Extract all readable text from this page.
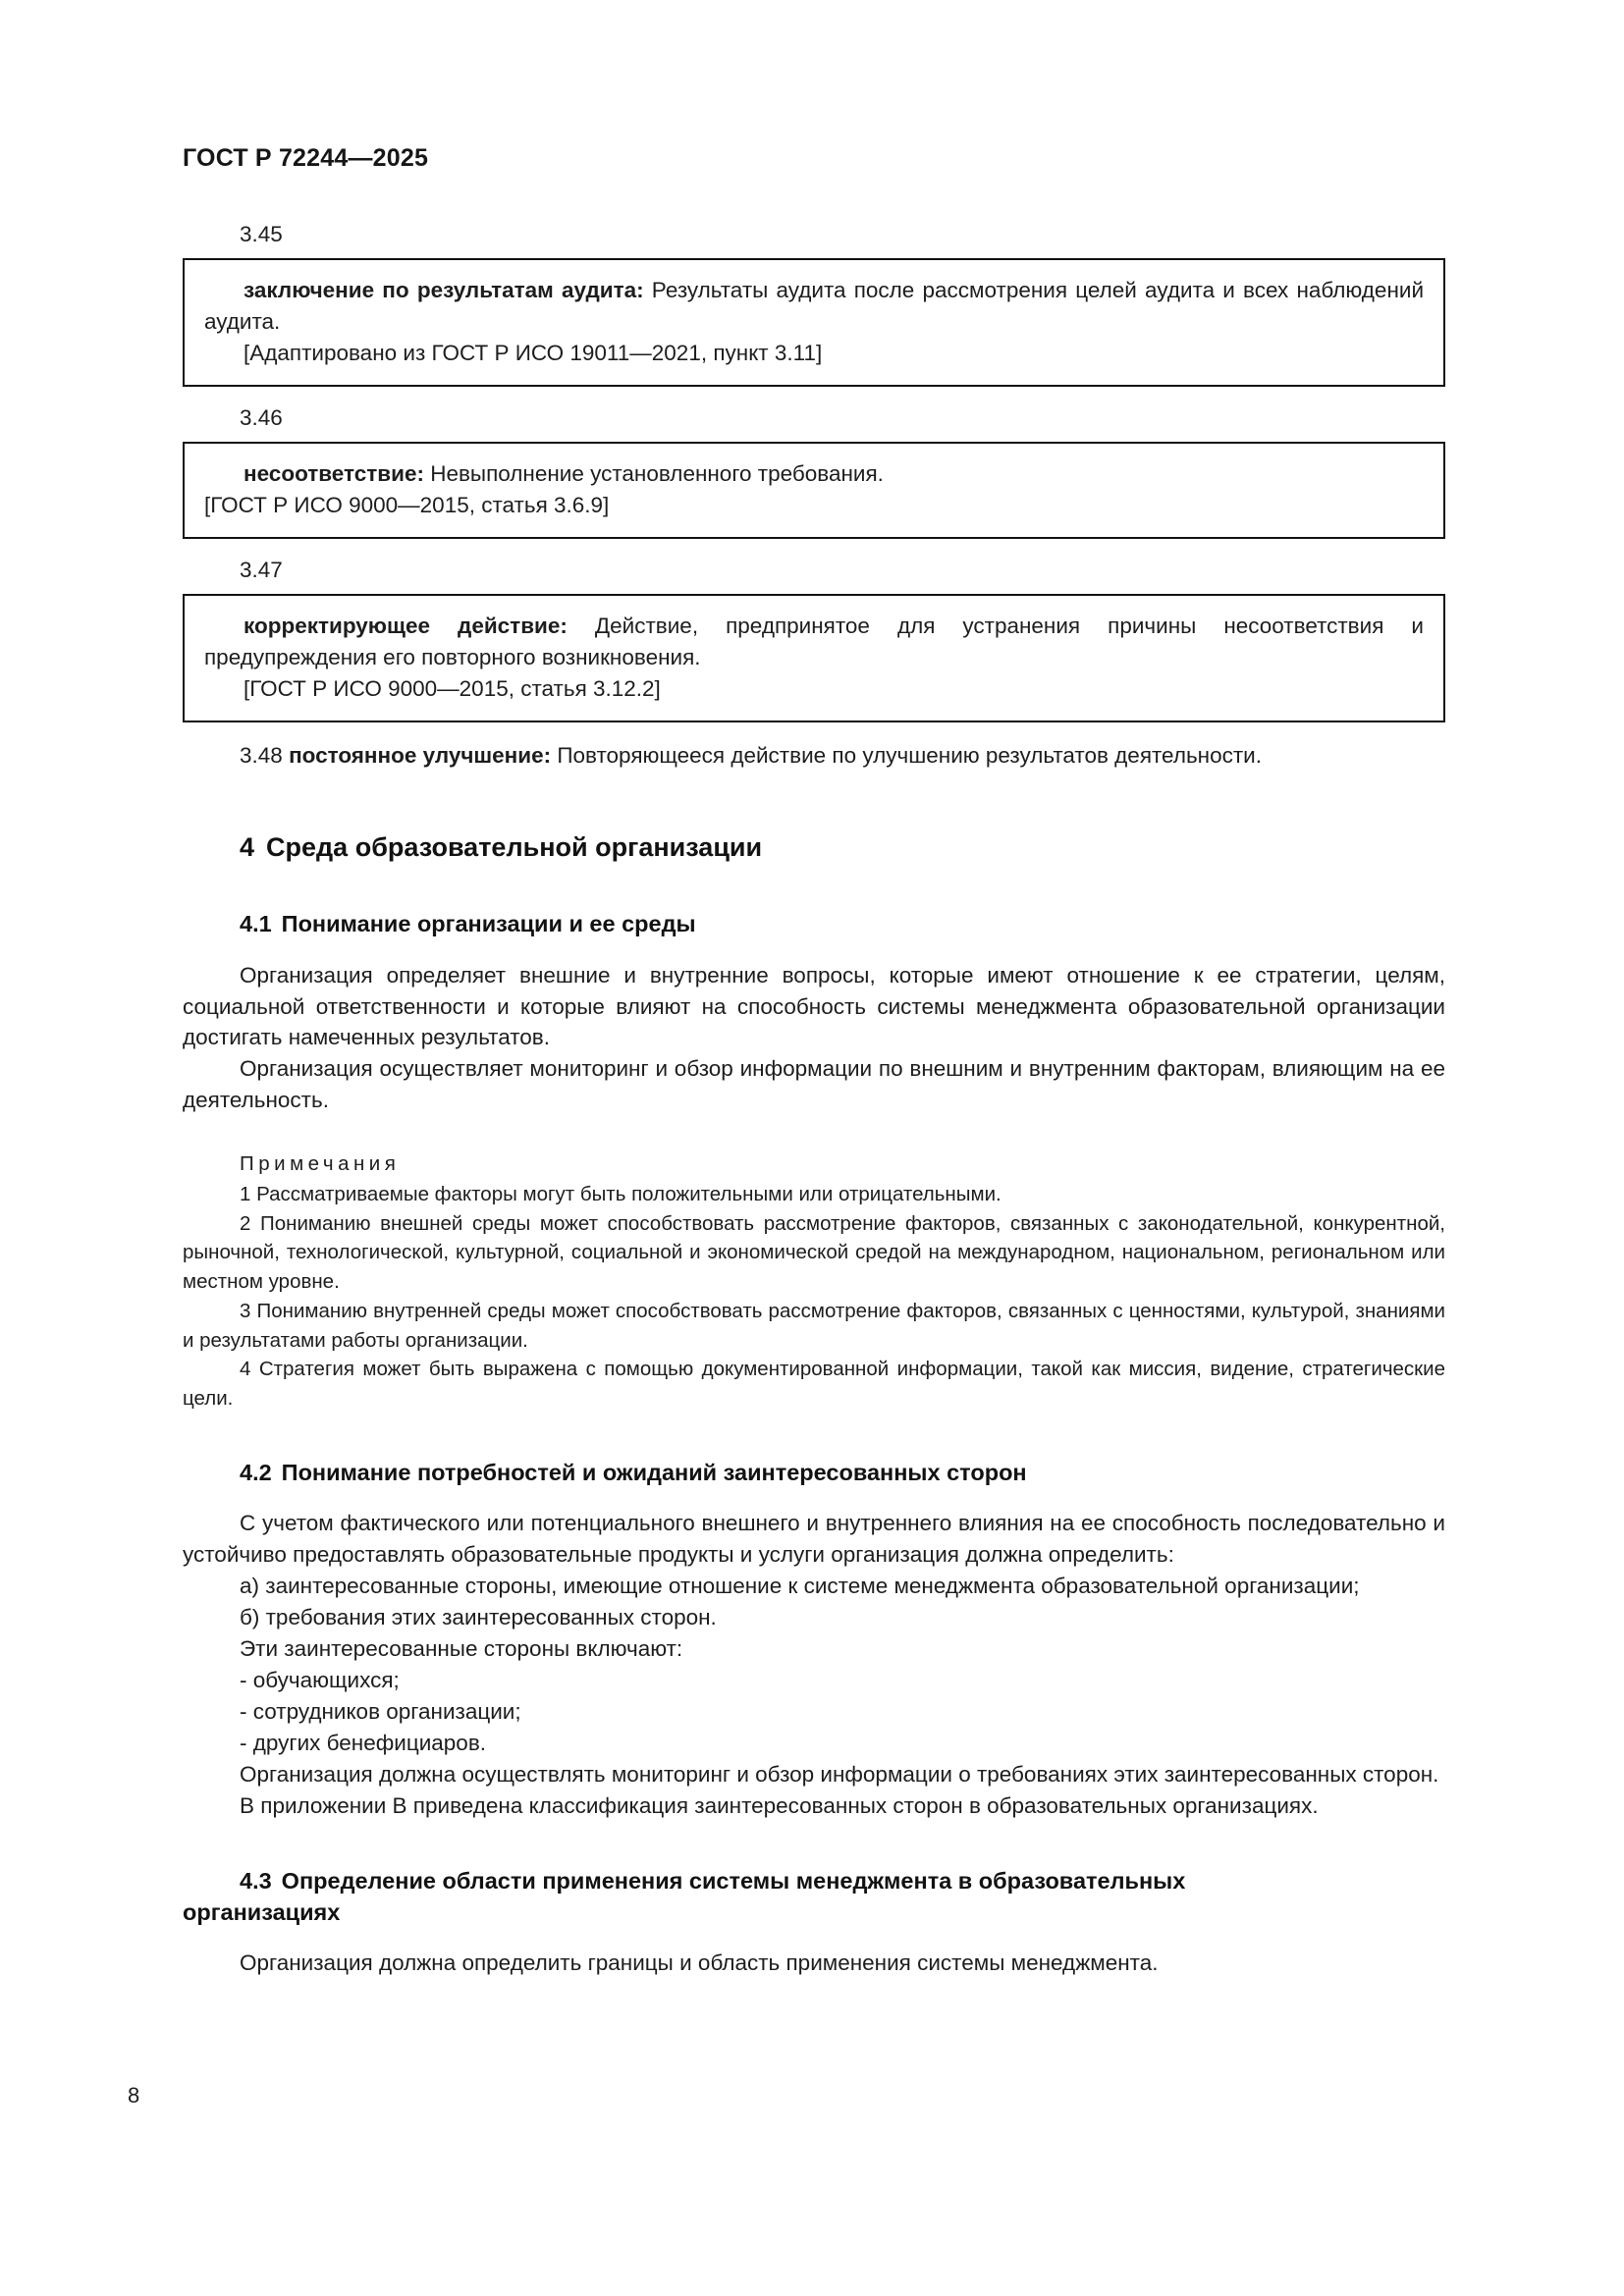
ГОСТ Р 72244—2025
3.45

заключение по результатам аудита: Результаты аудита после рассмотрения целей аудита и всех наблюдений аудита.

[Адаптировано из ГОСТ Р ИСО 19011—2021, пункт 3.11]

3.46

несоответствие: Невыполнение установленного требования.

[ГОСТ Р ИСО 9000—2015, статья 3.6.9]

3.47

корректирующее действие: Действие, предпринятое для устранения причины несоответствия и предупреждения его повторного возникновения.

[ГОСТ Р ИСО 9000—2015, статья 3.12.2]

3.48 постоянное улучшение: Повторяющееся действие по улучшению результатов деятельности.

4 Среда образовательной организации
4.1 Понимание организации и ее среды

Организация определяет внешние и внутренние вопросы, которые имеют отношение к ее стратегии, целям, социальной ответственности и которые влияют на способность системы менеджмента образовательной организации достигать намеченных результатов.

Организация осуществляет мониторинг и обзор информации по внешним и внутренним факторам, влияющим на ее деятельность.

Примечания

1 Рассматриваемые факторы могут быть положительными или отрицательными.

2 Пониманию внешней среды может способствовать рассмотрение факторов, связанных с законодательной, конкурентной, рыночной, технологической, культурной, социальной и экономической средой на международном, национальном, региональном или местном уровне.

3 Пониманию внутренней среды может способствовать рассмотрение факторов, связанных с ценностями, культурой, знаниями и результатами работы организации.

4 Стратегия может быть выражена с помощью документированной информации, такой как миссия, видение, стратегические цели.

4.2 Понимание потребностей и ожиданий заинтересованных сторон

С учетом фактического или потенциального внешнего и внутреннего влияния на ее способность последовательно и устойчиво предоставлять образовательные продукты и услуги организация должна определить:

а) заинтересованные стороны, имеющие отношение к системе менеджмента образовательной организации;

б) требования этих заинтересованных сторон.

Эти заинтересованные стороны включают:

- обучающихся;

- сотрудников организации;

- других бенефициаров.

Организация должна осуществлять мониторинг и обзор информации о требованиях этих заинтересованных сторон.

В приложении В приведена классификация заинтересованных сторон в образовательных организациях.

4.3 Определение области применения системы менеджмента в образовательных
организациях

Организация должна определить границы и область применения системы менеджмента.

8
